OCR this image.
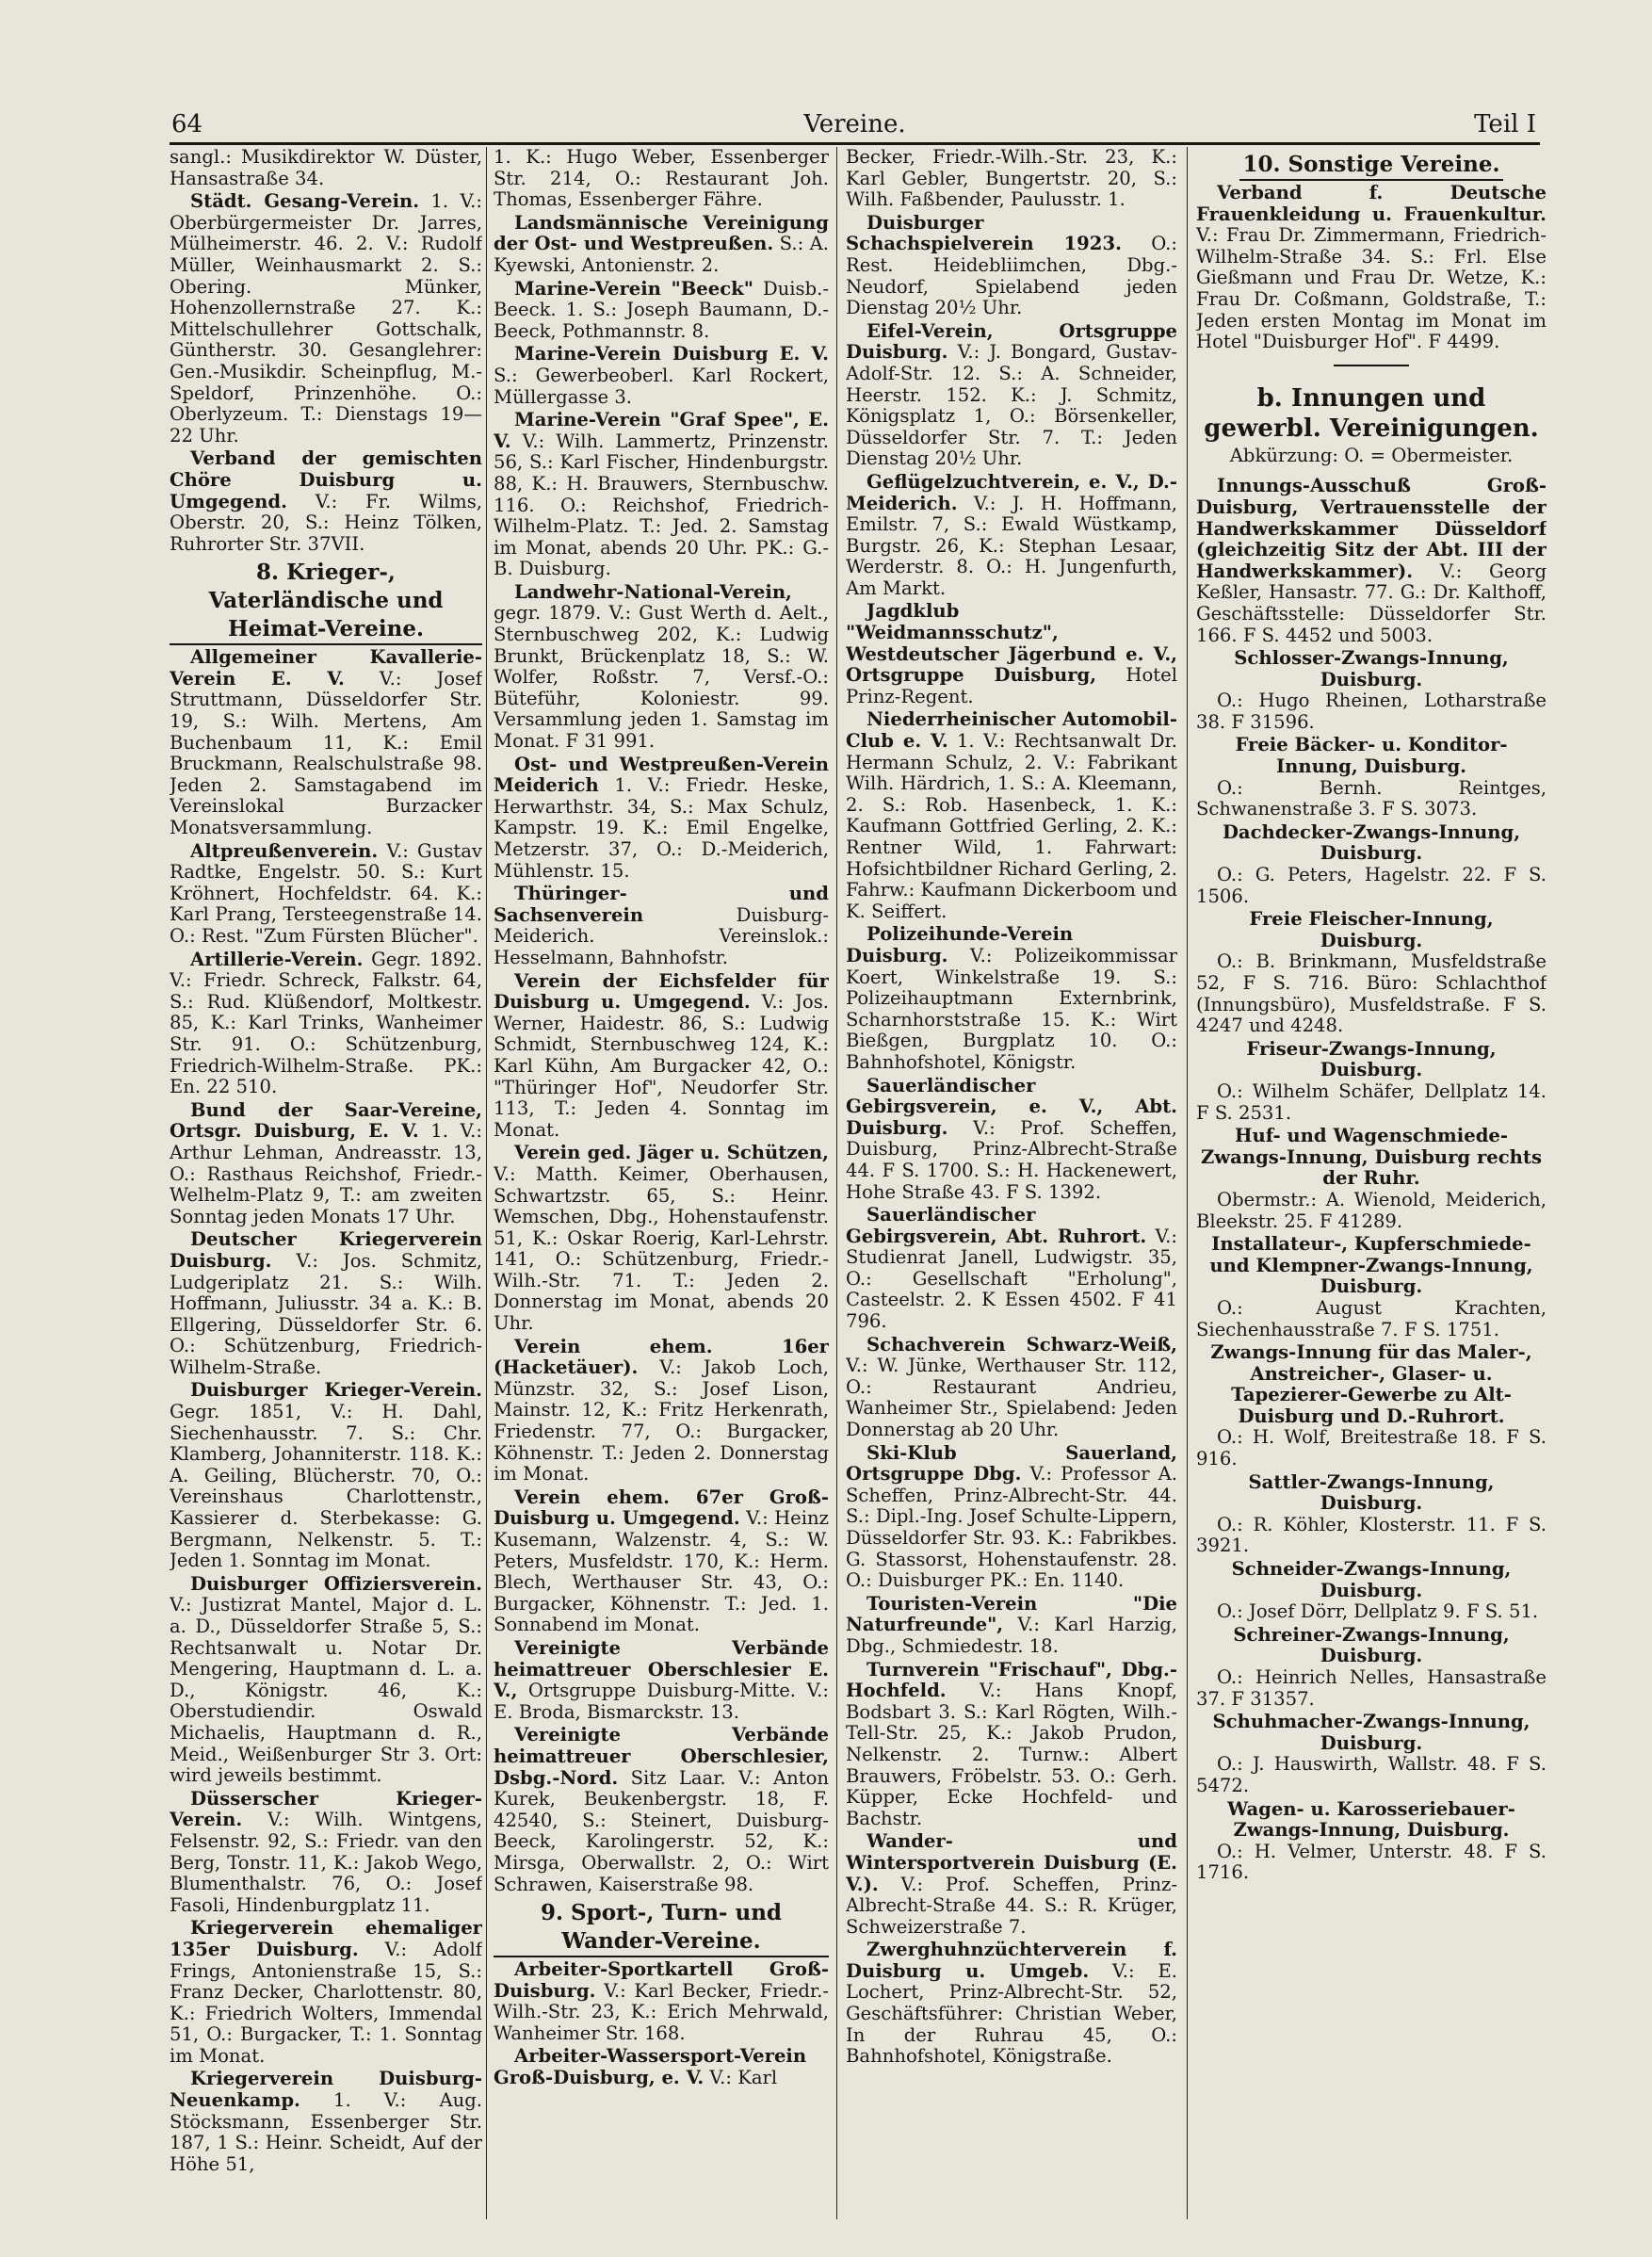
Vereine.
64	Teil I

sangl.: Musikdirektor W. Düster, Hansastraße 34.

Städt. Gesang-Verein. 1. V.: Oberbürgermeister Dr. Jarres, Mülheimerstr. 46. 2. V.: Rudolf Müller, Weinhausmarkt 2. S.: Obering. Münker, Hohenzollernstraße 27. K.: Mittelschullehrer Gottschalk, Güntherstr. 30. Gesanglehrer: Gen.-Musikdir. Scheinpflug, M.-Speldorf, Prinzenhöhe. O.: Oberlyzeum. T.: Dienstags 19—22 Uhr.

Verband der gemischten Chöre Duisburg u. Umgegend. V.: Fr. Wilms, Oberstr. 20, S.: Heinz Tölken, Ruhrorter Str. 37VII.

8. Krieger-, Vaterländische und Heimat-Vereine.

Allgemeiner Kavallerie-Verein E. V. V.: Josef Struttmann, Düsseldorfer Str. 19, S.: Wilh. Mertens, Am Buchenbaum 11, K.: Emil Bruckmann, Realschulstraße 98. Jeden 2. Samstagabend im Vereinslokal Burzacker Monatsversammlung.

Altpreußenverein. V.: Gustav Radtke, Engelstr. 50. S.: Kurt Kröhnert, Hochfeldstr. 64. K.: Karl Prang, Tersteegenstraße 14. O.: Rest. "Zum Fürsten Blücher".

Artillerie-Verein. Gegr. 1892. V.: Friedr. Schreck, Falkstr. 64, S.: Rud. Klüßendorf, Moltkestr. 85, K.: Karl Trinks, Wanheimer Str. 91. O.: Schützenburg, Friedrich-Wilhelm-Straße. PK.: En. 22 510.

Bund der Saar-Vereine, Ortsgr. Duisburg, E. V. 1. V.: Arthur Lehman, Andreasstr. 13, O.: Rasthaus Reichshof, Friedr.-Welhelm-Platz 9, T.: am zweiten Sonntag jeden Monats 17 Uhr.

Deutscher Kriegerverein Duisburg. V.: Jos. Schmitz, Ludgeriplatz 21. S.: Wilh. Hoffmann, Juliusstr. 34 a. K.: B. Ellgering, Düsseldorfer Str. 6. O.: Schützenburg, Friedrich-Wilhelm-Straße.

Duisburger Krieger-Verein. Gegr. 1851, V.: H. Dahl, Siechenhausstr. 7. S.: Chr. Klamberg, Johanniterstr. 118. K.: A. Geiling, Blücherstr. 70, O.: Vereinshaus Charlottenstr., Kassierer d. Sterbekasse: G. Bergmann, Nelkenstr. 5. T.: Jeden 1. Sonntag im Monat.

Duisburger Offiziersverein. V.: Justizrat Mantel, Major d. L. a. D., Düsseldorfer Straße 5, S.: Rechtsanwalt u. Notar Dr. Mengering, Hauptmann d. L. a. D., Königstr. 46, K.: Oberstudiendir. Oswald Michaelis, Hauptmann d. R., Meid., Weißenburger Str 3. Ort: wird jeweils bestimmt.

Düsserscher Krieger-Verein. V.: Wilh. Wintgens, Felsenstr. 92, S.: Friedr. van den Berg, Tonstr. 11, K.: Jakob Wego, Blumenthalstr. 76, O.: Josef Fasoli, Hindenburgplatz 11.

Kriegerverein ehemaliger 135er Duisburg. V.: Adolf Frings, Antonienstraße 15, S.: Franz Decker, Charlottenstr. 80, K.: Friedrich Wolters, Immendal 51, O.: Burgacker, T.: 1. Sonntag im Monat.

Kriegerverein Duisburg-Neuenkamp. 1. V.: Aug. Stöcksmann, Essenberger Str. 187, 1 S.: Heinr. Scheidt, Auf der Höhe 51,

1. K.: Hugo Weber, Essenberger Str. 214, O.: Restaurant Joh. Thomas, Essenberger Fähre.

Landsmännische Vereinigung der Ost- und Westpreußen. S.: A. Kyewski, Antonienstr. 2.

Marine-Verein "Beeck" Duisb.-Beeck. 1. S.: Joseph Baumann, D.-Beeck, Pothmannstr. 8.

Marine-Verein Duisburg E. V. S.: Gewerbeoberl. Karl Rockert, Müllergasse 3.

Marine-Verein "Graf Spee", E. V. V.: Wilh. Lammertz, Prinzenstr. 56, S.: Karl Fischer, Hindenburgstr. 88, K.: H. Brauwers, Sternbuschw. 116. O.: Reichshof, Friedrich-Wilhelm-Platz. T.: Jed. 2. Samstag im Monat, abends 20 Uhr. PK.: G.-B. Duisburg.

Landwehr-National-Verein, gegr. 1879. V.: Gust Werth d. Aelt., Sternbuschweg 202, K.: Ludwig Brunkt, Brückenplatz 18, S.: W. Wolfer, Roßstr. 7, Versf.-O.: Büteführ, Koloniestr. 99. Versammlung jeden 1. Samstag im Monat. F 31 991.

Ost- und Westpreußen-Verein Meiderich 1. V.: Friedr. Heske, Herwarthstr. 34, S.: Max Schulz, Kampstr. 19. K.: Emil Engelke, Metzerstr. 37, O.: D.-Meiderich, Mühlenstr. 15.

Thüringer- und Sachsenverein	Duisburg-Meiderich. Vereinslok.: Hesselmann, Bahnhofstr.

Verein der Eichsfelder für Duisburg u. Umgegend. V.: Jos. Werner, Haidestr. 86, S.: Ludwig Schmidt, Sternbuschweg 124, K.: Karl Kühn, Am Burgacker 42, O.: "Thüringer Hof", Neudorfer Str. 113, T.: Jeden 4. Sonntag im Monat.

Verein ged. Jäger u. Schützen, V.: Matth. Keimer, Oberhausen, Schwartzstr. 65, S.: Heinr. Wemschen, Dbg., Hohenstaufenstr. 51, K.: Oskar Roerig, Karl-Lehrstr. 141, O.: Schützenburg, Friedr.-Wilh.-Str. 71. T.: Jeden 2. Donnerstag im Monat, abends 20 Uhr.

Verein ehem. 16er (Hacketäuer). V.: Jakob Loch, Münzstr. 32, S.: Josef Lison, Mainstr. 12, K.: Fritz Herkenrath, Friedenstr. 77, O.: Burgacker, Köhnenstr. T.: Jeden 2. Donnerstag im Monat.

Verein ehem. 67er Groß-Duisburg u. Umgegend. V.: Heinz Kusemann, Walzenstr. 4, S.: W. Peters, Musfeldstr. 170, K.: Herm. Blech, Werthauser Str. 43, O.: Burgacker, Köhnenstr. T.: Jed. 1. Sonnabend im Monat.

Vereinigte Verbände heimattreuer Oberschlesier E. V., Ortsgruppe Duisburg-Mitte. V.: E. Broda, Bismarckstr. 13.

Vereinigte Verbände heimattreuer Oberschlesier, Dsbg.-Nord. Sitz Laar. V.: Anton Kurek, Beukenbergstr. 18, F. 42540, S.: Steinert, Duisburg-Beeck, Karolingerstr. 52, K.: Mirsga, Oberwallstr. 2, O.: Wirt Schrawen, Kaiserstraße 98.

9. Sport-, Turn- und Wander-Vereine.

Arbeiter-Sportkartell Groß-Duisburg. V.: Karl Becker, Friedr.-Wilh.-Str. 23, K.: Erich Mehrwald, Wanheimer Str. 168.

Arbeiter-Wassersport-Verein Groß-Duisburg, e. V. V.: Karl

Becker, Friedr.-Wilh.-Str. 23, K.: Karl Gebler, Bungertstr. 20, S.: Wilh. Faßbender, Paulusstr. 1.

Duisburger Schachspielverein 1923. O.: Rest. Heidebliimchen, Dbg.-Neudorf, Spielabend jeden Dienstag 20½ Uhr.

Eifel-Verein, Ortsgruppe Duisburg. V.: J. Bongard, Gustav-Adolf-Str. 12. S.: A. Schneider, Heerstr. 152. K.: J. Schmitz, Königsplatz 1, O.: Börsenkeller, Düsseldorfer Str. 7. T.: Jeden Dienstag 20½ Uhr.

Geflügelzuchtverein, e. V., D.-Meiderich. V.: J. H. Hoffmann, Emilstr. 7, S.: Ewald Wüstkamp, Burgstr. 26, K.: Stephan Lesaar, Werderstr. 8. O.: H. Jungenfurth, Am Markt.

Jagdklub "Weidmannsschutz", Westdeutscher Jägerbund e. V., Ortsgruppe Duisburg, Hotel Prinz-Regent.

Niederrheinischer Automobil-Club e. V. 1. V.: Rechtsanwalt Dr. Hermann Schulz, 2. V.: Fabrikant Wilh. Härdrich, 1. S.: A. Kleemann, 2. S.: Rob. Hasenbeck, 1. K.: Kaufmann Gottfried Gerling, 2. K.: Rentner Wild, 1. Fahrwart: Hofsichtbildner Richard Gerling, 2. Fahrw.: Kaufmann Dickerboom und K. Seiffert.

Polizeihunde-Verein Duisburg. V.: Polizeikommissar Koert, Winkelstraße 19. S.: Polizeihauptmann Externbrink, Scharnhorststraße 15. K.: Wirt Bießgen, Burgplatz 10. O.: Bahnhofshotel, Königstr.

Sauerländischer Gebirgsverein, e. V., Abt. Duisburg. V.: Prof. Scheffen, Duisburg, Prinz-Albrecht-Straße 44. F S. 1700. S.: H. Hackenewert, Hohe Straße 43. F S. 1392.

Sauerländischer Gebirgsverein, Abt. Ruhrort. V.: Studienrat Janell, Ludwigstr. 35, O.: Gesellschaft "Erholung", Casteelstr. 2. K Essen 4502. F 41 796.

Schachverein Schwarz-Weiß, V.: W. Jünke, Werthauser Str. 112, O.: Restaurant Andrieu, Wanheimer Str., Spielabend: Jeden Donnerstag ab 20 Uhr.

Ski-Klub Sauerland, Ortsgruppe Dbg. V.: Professor A. Scheffen, Prinz-Albrecht-Str. 44. S.: Dipl.-Ing. Josef Schulte-Lippern, Düsseldorfer Str. 93. K.: Fabrikbes. G. Stassorst, Hohenstaufenstr. 28. O.: Duisburger PK.: En. 1140.

Touristen-Verein "Die Naturfreunde", V.: Karl Harzig, Dbg., Schmiedestr. 18.

Turnverein "Frischauf", Dbg.-Hochfeld. V.: Hans Knopf, Bodsbart 3. S.: Karl Rögten, Wilh.-Tell-Str. 25, K.: Jakob Prudon, Nelkenstr. 2. Turnw.: Albert Brauwers, Fröbelstr. 53. O.: Gerh. Küpper, Ecke Hochfeld- und Bachstr.

Wander- und Wintersportverein Duisburg (E. V.). V.: Prof. Scheffen, Prinz-Albrecht-Straße 44. S.: R. Krüger, Schweizerstraße 7.

Zwerghuhnzüchterverein f. Duisburg u. Umgeb. V.: E. Lochert, Prinz-Albrecht-Str. 52, Geschäftsführer: Christian Weber, In der Ruhrau 45, O.: Bahnhofshotel, Königstraße.

10. Sonstige Vereine.

Verband f. Deutsche Frauenkleidung u. Frauenkultur. V.: Frau Dr. Zimmermann, Friedrich-Wilhelm-Straße 34. S.: Frl. Else Gießmann und Frau Dr. Wetze, K.: Frau Dr. Coßmann, Goldstraße, T.: Jeden ersten Montag im Monat im Hotel "Duisburger Hof". F 4499.

b. Innungen und gewerbl. Vereinigungen.
Abkürzung: O. = Obermeister.

Innungs-Ausschuß Groß-Duisburg, Vertrauensstelle der Handwerkskammer Düsseldorf (gleichzeitig Sitz der Abt. III der Handwerkskammer). V.: Georg Keßler, Hansastr. 77. G.: Dr. Kalthoff, Geschäftsstelle: Düsseldorfer Str. 166. F S. 4452 und 5003.

Schlosser-Zwangs-Innung, Duisburg.
O.: Hugo Rheinen, Lotharstraße 38. F 31596.
Freie Bäcker- u. Konditor-Innung, Duisburg.
O.: Bernh. Reintges, Schwanenstraße 3. F S. 3073.
Dachdecker-Zwangs-Innung, Duisburg.
O.: G. Peters, Hagelstr. 22. F S. 1506.
Freie Fleischer-Innung, Duisburg.
O.: B. Brinkmann, Musfeldstraße 52, F S. 716. Büro: Schlachthof (Innungsbüro), Musfeldstraße. F S. 4247 und 4248.
Friseur-Zwangs-Innung, Duisburg.
O.: Wilhelm Schäfer, Dellplatz 14. F S. 2531.
Huf- und Wagenschmiede-Zwangs-Innung, Duisburg rechts der Ruhr.
Obermstr.: A. Wienold, Meiderich, Bleekstr. 25. F 41289.
Installateur-, Kupferschmiede- und Klempner-Zwangs-Innung, Duisburg.
O.: August Krachten, Siechenhausstraße 7. F S. 1751.
Zwangs-Innung für das Maler-, Anstreicher-, Glaser- u. Tapezierer-Gewerbe zu Alt-Duisburg und D.-Ruhrort.
O.: H. Wolf, Breitestraße 18. F S. 916.
Sattler-Zwangs-Innung, Duisburg.
O.: R. Köhler, Klosterstr. 11. F S. 3921.
Schneider-Zwangs-Innung, Duisburg.
O.: Josef Dörr, Dellplatz 9. F S. 51.
Schreiner-Zwangs-Innung, Duisburg.
O.: Heinrich Nelles, Hansastraße 37. F 31357.
Schuhmacher-Zwangs-Innung, Duisburg.
O.: J. Hauswirth, Wallstr. 48. F S. 5472.
Wagen- u. Karosseriebauer-Zwangs-Innung, Duisburg.
O.: H. Velmer, Unterstr. 48. F S. 1716.
